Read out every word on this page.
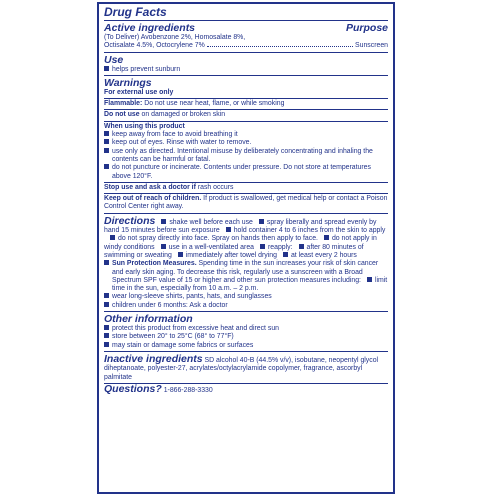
Drug Facts
Active ingredients	Purpose
(To Deliver) Avobenzone 2%, Homosalate 8%,
Octisalate 4.5%, Octocrylene 7%	Sunscreen
Use
helps prevent sunburn
Warnings
For external use only
Flammable: Do not use near heat, flame, or while smoking
Do not use on damaged or broken skin
When using this product
keep away from face to avoid breathing it
keep out of eyes. Rinse with water to remove.
use only as directed. Intentional misuse by deliberately concentrating and inhaling the contents can be harmful or fatal.
do not puncture or incinerate. Contents under pressure. Do not store at temperatures above 120°F.
Stop use and ask a doctor if rash occurs
Keep out of reach of children. If product is swallowed, get medical help or contact a Poison Control Center right away.
Directions shake well before each use spray liberally and spread evenly by hand 15 minutes before sun exposure hold container 4 to 6 inches from the skin to applydo not spray directly into face. Spray on hands then apply to face. do not apply in windy conditions use in a well-ventilated area reapply: after 80 minutes of swimming or sweating immediately after towel drying at least every 2 hours
Sun Protection Measures. Spending time in the sun increases your risk of skin cancer and early skin aging. To decrease this risk, regularly use a sunscreen with a Broad Spectrum SPF value of 15 or higher and other sun protection measures including: limit time in the sun, especially from 10 a.m. – 2 p.m.
wear long-sleeve shirts, pants, hats, and sunglasses
children under 6 months: Ask a doctor
Other information
protect this product from excessive heat and direct sun
store between 20° to 25°C (68° to 77°F)
may stain or damage some fabrics or surfaces
Inactive ingredients SD alcohol 40-B (44.5% v/v), isobutane, neopentyl glycol diheptanoate, polyester-27, acrylates/octylacrylamide copolymer, fragrance, ascorbyl palmitate
Questions? 1-866-288-3330
